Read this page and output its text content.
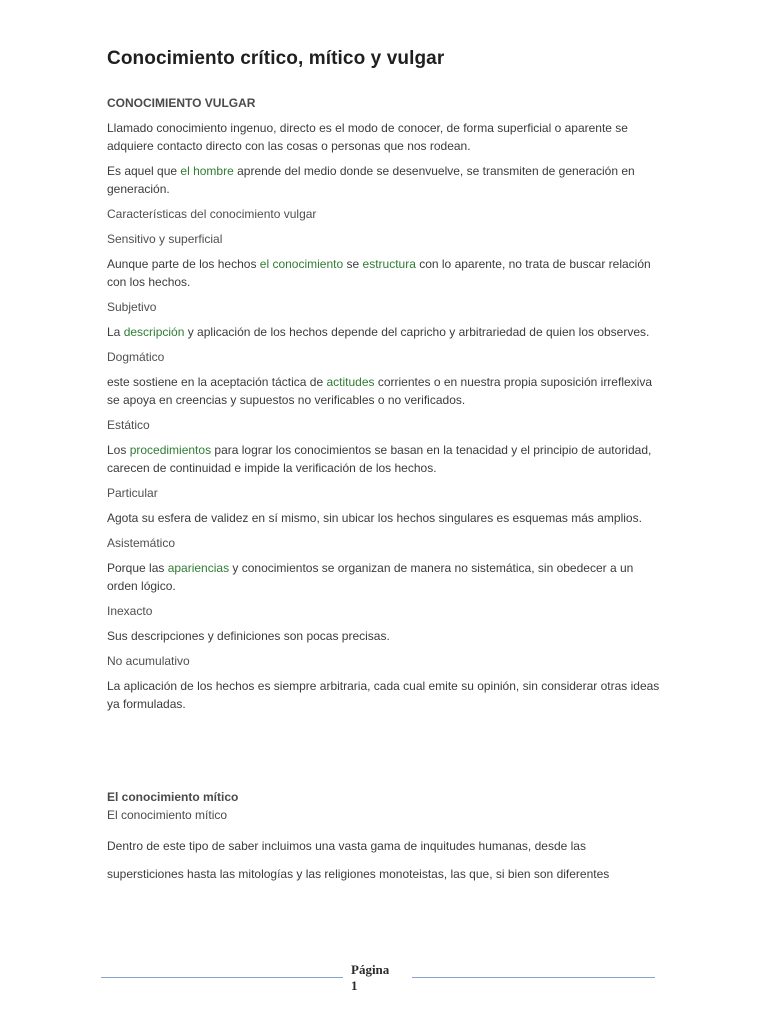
Conocimiento crítico, mítico y vulgar
CONOCIMIENTO VULGAR

Llamado conocimiento ingenuo, directo es el modo de conocer, de forma superficial o aparente se adquiere contacto directo con las cosas o personas que nos rodean.

Es aquel que el hombre aprende del medio donde se desenvuelve, se transmiten de generación en generación.

Características del conocimiento vulgar
Sensitivo y superficial

Aunque parte de los hechos el conocimiento se estructura con lo aparente, no trata de buscar relación con los hechos.

Subjetivo

La descripción y aplicación de los hechos depende del capricho y arbitrariedad de quien los observes.

Dogmático

este sostiene en la aceptación táctica de actitudes corrientes o en nuestra propia suposición irreflexiva se apoya en creencias y supuestos no verificables o no verificados.

Estático

Los procedimientos para lograr los conocimientos se basan en la tenacidad y el principio de autoridad, carecen de continuidad e impide la verificación de los hechos.

Particular

Agota su esfera de validez en sí mismo, sin ubicar los hechos singulares es esquemas más amplios.

Asistemático

Porque las apariencias y conocimientos se organizan de manera no sistemática, sin obedecer a un orden lógico.

Inexacto

Sus descripciones y definiciones son pocas precisas.

No acumulativo

La aplicación de los hechos es siempre arbitraria, cada cual emite su opinión, sin considerar otras ideas ya formuladas.

El conocimiento mítico

El conocimiento mítico

Dentro de este tipo de saber incluimos una vasta gama de inquitudes humanas, desde las

supersticiones hasta las mitologías y las religiones monoteistas, las que, si bien son diferentes

Página
1
